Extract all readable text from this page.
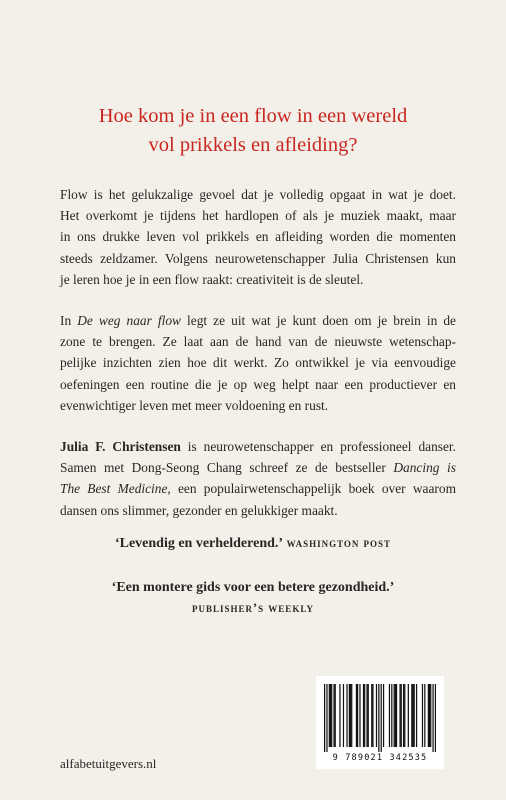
Hoe kom je in een flow in een wereld
vol prikkels en afleiding?
Flow is het gelukzalige gevoel dat je volledig opgaat in wat je doet.
Het overkomt je tijdens het hardlopen of als je muziek maakt, maar
in ons drukke leven vol prikkels en afleiding worden die momenten
steeds zeldzamer. Volgens neurowetenschapper Julia Christensen kun
je leren hoe je in een flow raakt: creativiteit is de sleutel.
In De weg naar flow legt ze uit wat je kunt doen om je brein in de
zone te brengen. Ze laat aan de hand van de nieuwste wetenschap-
pelijke inzichten zien hoe dit werkt. Zo ontwikkel je via eenvoudige
oefeningen een routine die je op weg helpt naar een productiever en
evenwichtiger leven met meer voldoening en rust.
Julia F. Christensen is neurowetenschapper en professioneel danser.
Samen met Dong-Seong Chang schreef ze de bestseller Dancing is
The Best Medicine, een populairwetenschappelijk boek over waarom
dansen ons slimmer, gezonder en gelukkiger maakt.
‘Levendig en verhelderend.’ washington post
‘Een montere gids voor een betere gezondheid.’
publisher’s weekly
alfabetuitgevers.nl	9 789021 342535
